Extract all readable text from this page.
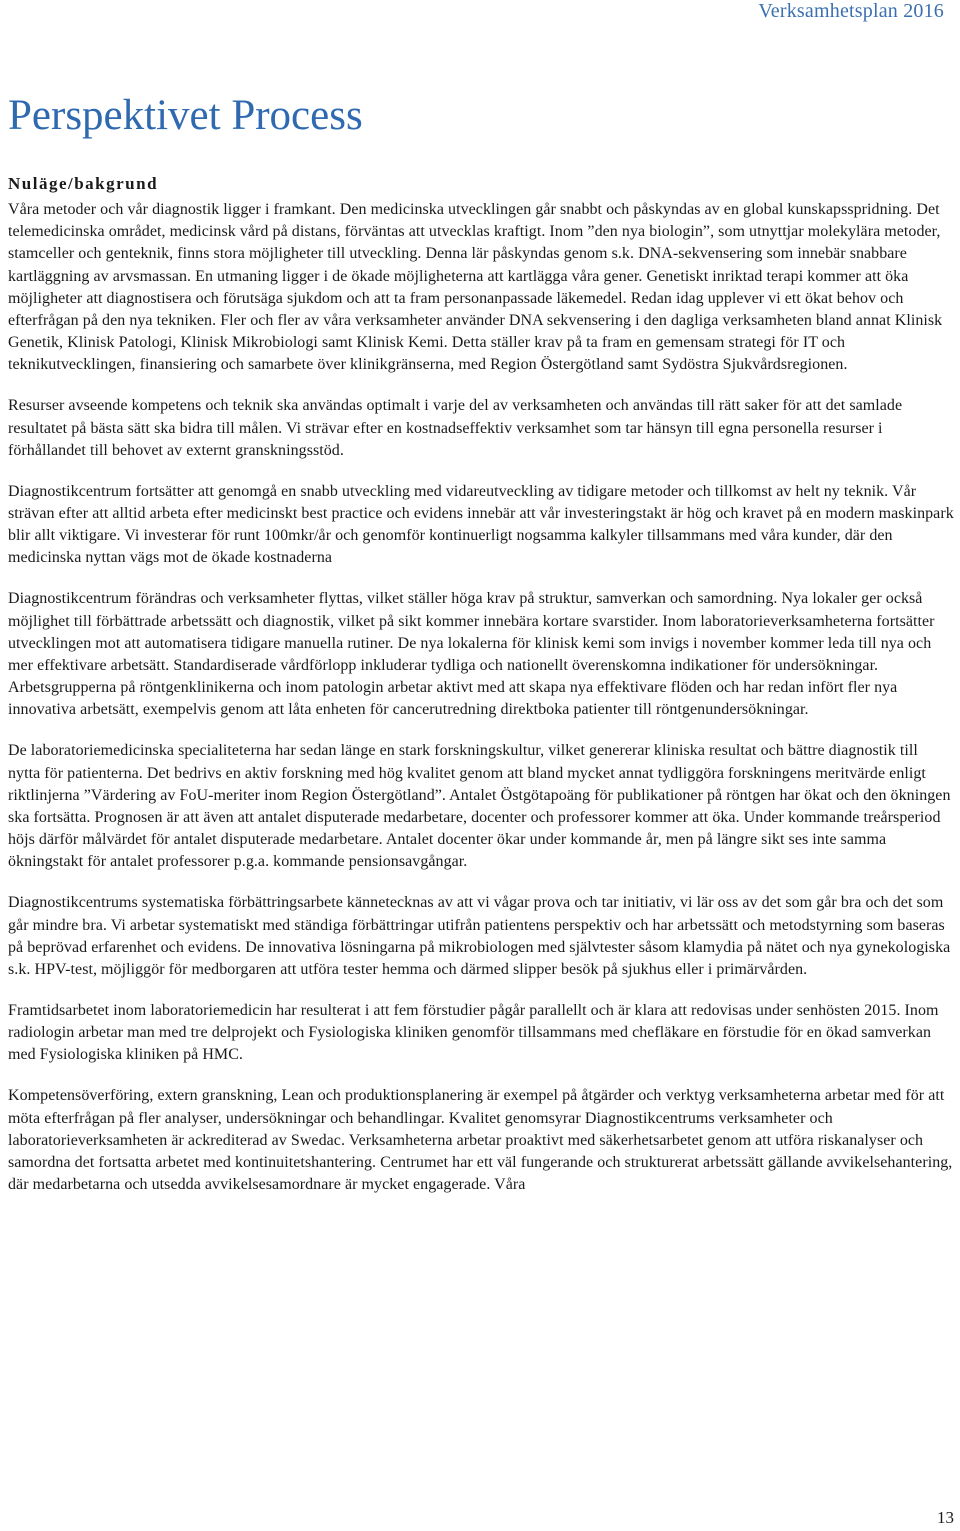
Verksamhetsplan 2016
Perspektivet Process
Nuläge/bakgrund

Våra metoder och vår diagnostik ligger i framkant. Den medicinska utvecklingen går snabbt och påskyndas av en global kunskapsspridning. Det telemedicinska området, medicinsk vård på distans, förväntas att utvecklas kraftigt. Inom ”den nya biologin”, som utnyttjar molekylära metoder, stamceller och genteknik, finns stora möjligheter till utveckling. Denna lär påskyndas genom s.k. DNA-sekvensering som innebär snabbare kartläggning av arvsmassan. En utmaning ligger i de ökade möjligheterna att kartlägga våra gener. Genetiskt inriktad terapi kommer att öka möjligheter att diagnostisera och förutsäga sjukdom och att ta fram personanpassade läkemedel. Redan idag upplever vi ett ökat behov och efterfrågan på den nya tekniken. Fler och fler av våra verksamheter använder DNA sekvensering i den dagliga verksamheten bland annat Klinisk Genetik, Klinisk Patologi, Klinisk Mikrobiologi samt Klinisk Kemi. Detta ställer krav på ta fram en gemensam strategi för IT och teknikutvecklingen, finansiering och samarbete över klinikgränserna, med Region Östergötland samt Sydöstra Sjukvårdsregionen.

Resurser avseende kompetens och teknik ska användas optimalt i varje del av verksamheten och användas till rätt saker för att det samlade resultatet på bästa sätt ska bidra till målen. Vi strävar efter en kostnadseffektiv verksamhet som tar hänsyn till egna personella resurser i förhållandet till behovet av externt granskningsstöd.

Diagnostikcentrum fortsätter att genomgå en snabb utveckling med vidareutveckling av tidigare metoder och tillkomst av helt ny teknik. Vår strävan efter att alltid arbeta efter medicinskt best practice och evidens innebär att vår investeringstakt är hög och kravet på en modern maskinpark blir allt viktigare. Vi investerar för runt 100mkr/år och genomför kontinuerligt nogsamma kalkyler tillsammans med våra kunder, där den medicinska nyttan vägs mot de ökade kostnaderna

Diagnostikcentrum förändras och verksamheter flyttas, vilket ställer höga krav på struktur, samverkan och samordning. Nya lokaler ger också möjlighet till förbättrade arbetssätt och diagnostik, vilket på sikt kommer innebära kortare svarstider. Inom laboratorieverksamheterna fortsätter utvecklingen mot att automatisera tidigare manuella rutiner. De nya lokalerna för klinisk kemi som invigs i november kommer leda till nya och mer effektivare arbetsätt. Standardiserade vårdförlopp inkluderar tydliga och nationellt överenskomna indikationer för undersökningar. Arbetsgrupperna på röntgenklinikerna och inom patologin arbetar aktivt med att skapa nya effektivare flöden och har redan infört fler nya innovativa arbetsätt, exempelvis genom att låta enheten för cancerutredning direktboka patienter till röntgenundersökningar.

De laboratoriemedicinska specialiteterna har sedan länge en stark forskningskultur, vilket genererar kliniska resultat och bättre diagnostik till nytta för patienterna. Det bedrivs en aktiv forskning med hög kvalitet genom att bland mycket annat tydliggöra forskningens meritvärde enligt riktlinjerna ”Värdering av FoU-meriter inom Region Östergötland”. Antalet Östgötapoäng för publikationer på röntgen har ökat och den ökningen ska fortsätta. Prognosen är att även att antalet disputerade medarbetare, docenter och professorer kommer att öka. Under kommande treårsperiod höjs därför målvärdet för antalet disputerade medarbetare. Antalet docenter ökar under kommande år, men på längre sikt ses inte samma ökningstakt för antalet professorer p.g.a. kommande pensionsavgångar.

Diagnostikcentrums systematiska förbättringsarbete kännetecknas av att vi vågar prova och tar initiativ, vi lär oss av det som går bra och det som går mindre bra. Vi arbetar systematiskt med ständiga förbättringar utifrån patientens perspektiv och har arbetssätt och metodstyrning som baseras på beprövad erfarenhet och evidens. De innovativa lösningarna på mikrobiologen med självtester såsom klamydia på nätet och nya gynekologiska s.k. HPV-test, möjliggör för medborgaren att utföra tester hemma och därmed slipper besök på sjukhus eller i primärvården.

Framtidsarbetet inom laboratoriemedicin har resulterat i att fem förstudier pågår parallellt och är klara att redovisas under senhösten 2015. Inom radiologin arbetar man med tre delprojekt och Fysiologiska kliniken genomför tillsammans med chefläkare en förstudie för en ökad samverkan med Fysiologiska kliniken på HMC.

Kompetensöverföring, extern granskning, Lean och produktionsplanering är exempel på åtgärder och verktyg verksamheterna arbetar med för att möta efterfrågan på fler analyser, undersökningar och behandlingar. Kvalitet genomsyrar Diagnostikcentrums verksamheter och laboratorieverksamheten är ackrediterad av Swedac. Verksamheterna arbetar proaktivt med säkerhetsarbetet genom att utföra riskanalyser och samordna det fortsatta arbetet med kontinuitetshantering. Centrumet har ett väl fungerande och strukturerat arbetssätt gällande avvikelsehantering, där medarbetarna och utsedda avvikelsesamordnare är mycket engagerade. Våra

13
